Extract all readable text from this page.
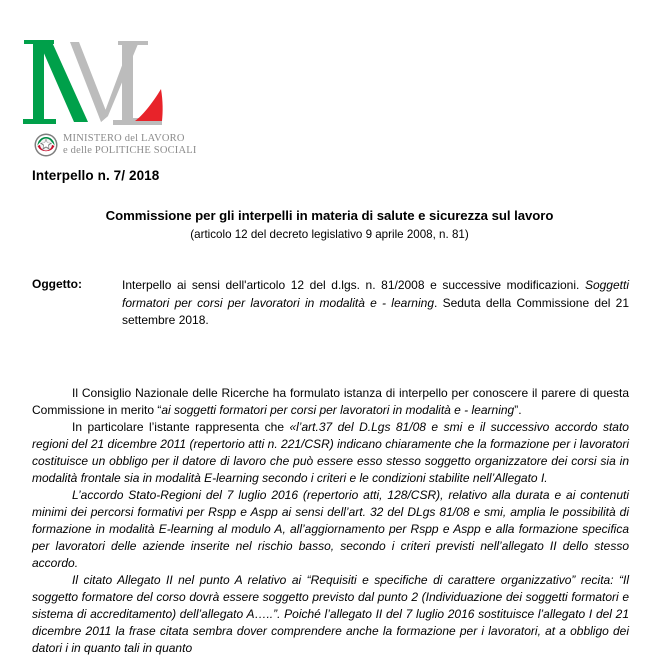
MINISTERO del LAVORO
e delle POLITICHE SOCIALI
Interpello n. 7/ 2018
Commissione per gli interpelli in materia di salute e sicurezza sul lavoro
(articolo 12 del decreto legislativo 9 aprile 2008, n. 81)
Oggetto:	Interpello ai sensi dell'articolo 12 del d.lgs. n. 81/2008 e successive modificazioni. Soggetti formatori per corsi per lavoratori in modalità e - learning. Seduta della Commissione del 21 settembre 2018.

Il Consiglio Nazionale delle Ricerche ha formulato istanza di interpello per conoscere il parere di questa Commissione in merito “ai soggetti formatori per corsi per lavoratori in modalità e - learning”.

In particolare l’istante rappresenta che «l’art.37 del D.Lgs 81/08 e smi e il successivo accordo stato regioni del 21 dicembre 2011 (repertorio atti n. 221/CSR) indicano chiaramente che la formazione per i lavoratori costituisce un obbligo per il datore di lavoro che può essere esso stesso soggetto organizzatore dei corsi sia in modalità frontale sia in modalità E-learning secondo i criteri e le condizioni stabilite nell’Allegato I.

L’accordo Stato-Regioni del 7 luglio 2016 (repertorio atti, 128/CSR), relativo alla durata e ai contenuti minimi dei percorsi formativi per Rspp e Aspp ai sensi dell’art. 32 del DLgs 81/08 e smi, amplia le possibilità di formazione in modalità E-learning al modulo A, all’aggiornamento per Rspp e Aspp e alla formazione specifica per lavoratori delle aziende inserite nel rischio basso, secondo i criteri previsti nell’allegato II dello stesso accordo.

Il citato Allegato II nel punto A relativo ai “Requisiti e specifiche di carattere organizzativo” recita: “Il soggetto formatore del corso dovrà essere soggetto previsto dal punto 2 (Individuazione dei soggetti formatori e sistema di accreditamento) dell’allegato A…..”. Poiché l’allegato II del 7 luglio 2016 sostituisce l’allegato I del 21 dicembre 2011 la frase citata sembra dover comprendere anche la formazione per i lavoratori, at a obbligo dei datori i in quanto tali in quanto
